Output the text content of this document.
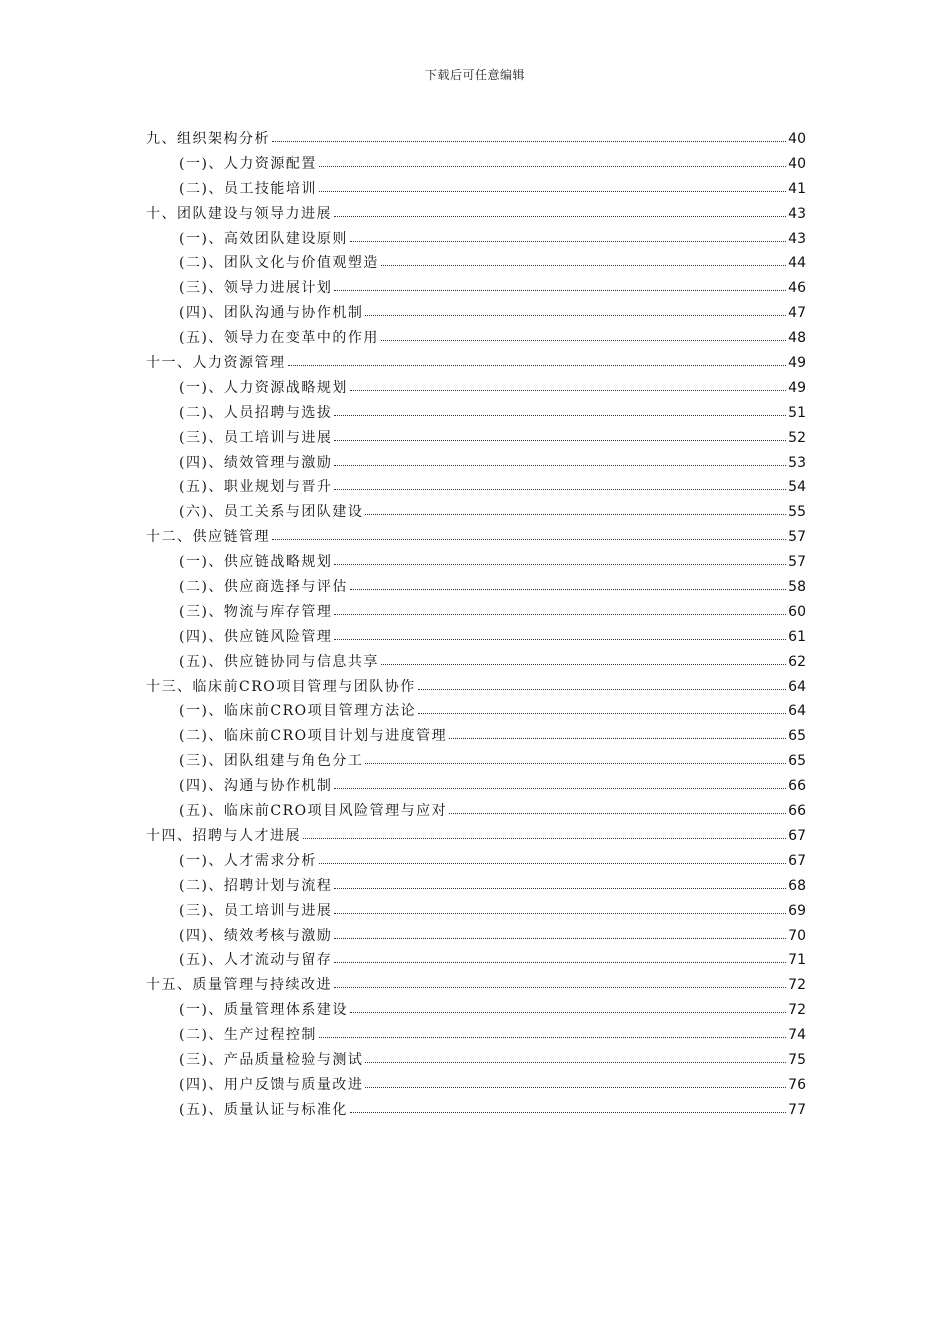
下载后可任意编辑
九、组织架构分析	40
(一)、人力资源配置	40
(二)、员工技能培训	41
十、团队建设与领导力进展	43
(一)、高效团队建设原则	43
(二)、团队文化与价值观塑造	44
(三)、领导力进展计划	46
(四)、团队沟通与协作机制	47
(五)、领导力在变革中的作用	48
十一、人力资源管理	49
(一)、人力资源战略规划	49
(二)、人员招聘与选拔	51
(三)、员工培训与进展	52
(四)、绩效管理与激励	53
(五)、职业规划与晋升	54
(六)、员工关系与团队建设	55
十二、供应链管理	57
(一)、供应链战略规划	57
(二)、供应商选择与评估	58
(三)、物流与库存管理	60
(四)、供应链风险管理	61
(五)、供应链协同与信息共享	62
十三、临床前CRO项目管理与团队协作	64
(一)、临床前CRO项目管理方法论	64
(二)、临床前CRO项目计划与进度管理	65
(三)、团队组建与角色分工	65
(四)、沟通与协作机制	66
(五)、临床前CRO项目风险管理与应对	66
十四、招聘与人才进展	67
(一)、人才需求分析	67
(二)、招聘计划与流程	68
(三)、员工培训与进展	69
(四)、绩效考核与激励	70
(五)、人才流动与留存	71
十五、质量管理与持续改进	72
(一)、质量管理体系建设	72
(二)、生产过程控制	74
(三)、产品质量检验与测试	75
(四)、用户反馈与质量改进	76
(五)、质量认证与标准化	77
